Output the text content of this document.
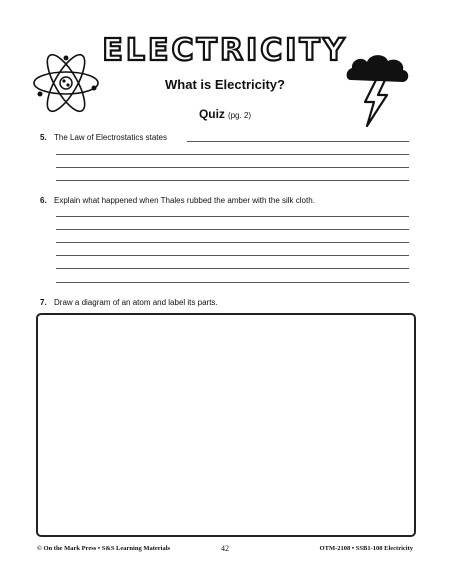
ELECTRICITY
What is Electricity?
Quiz (pg. 2)
5. The Law of Electrostatics states
6. Explain what happened when Thales rubbed the amber with the silk cloth.
7. Draw a diagram of an atom and label its parts.
© On the Mark Press • S&S Learning Materials	42	OTM-2108 • SSB1-108 Electricity
